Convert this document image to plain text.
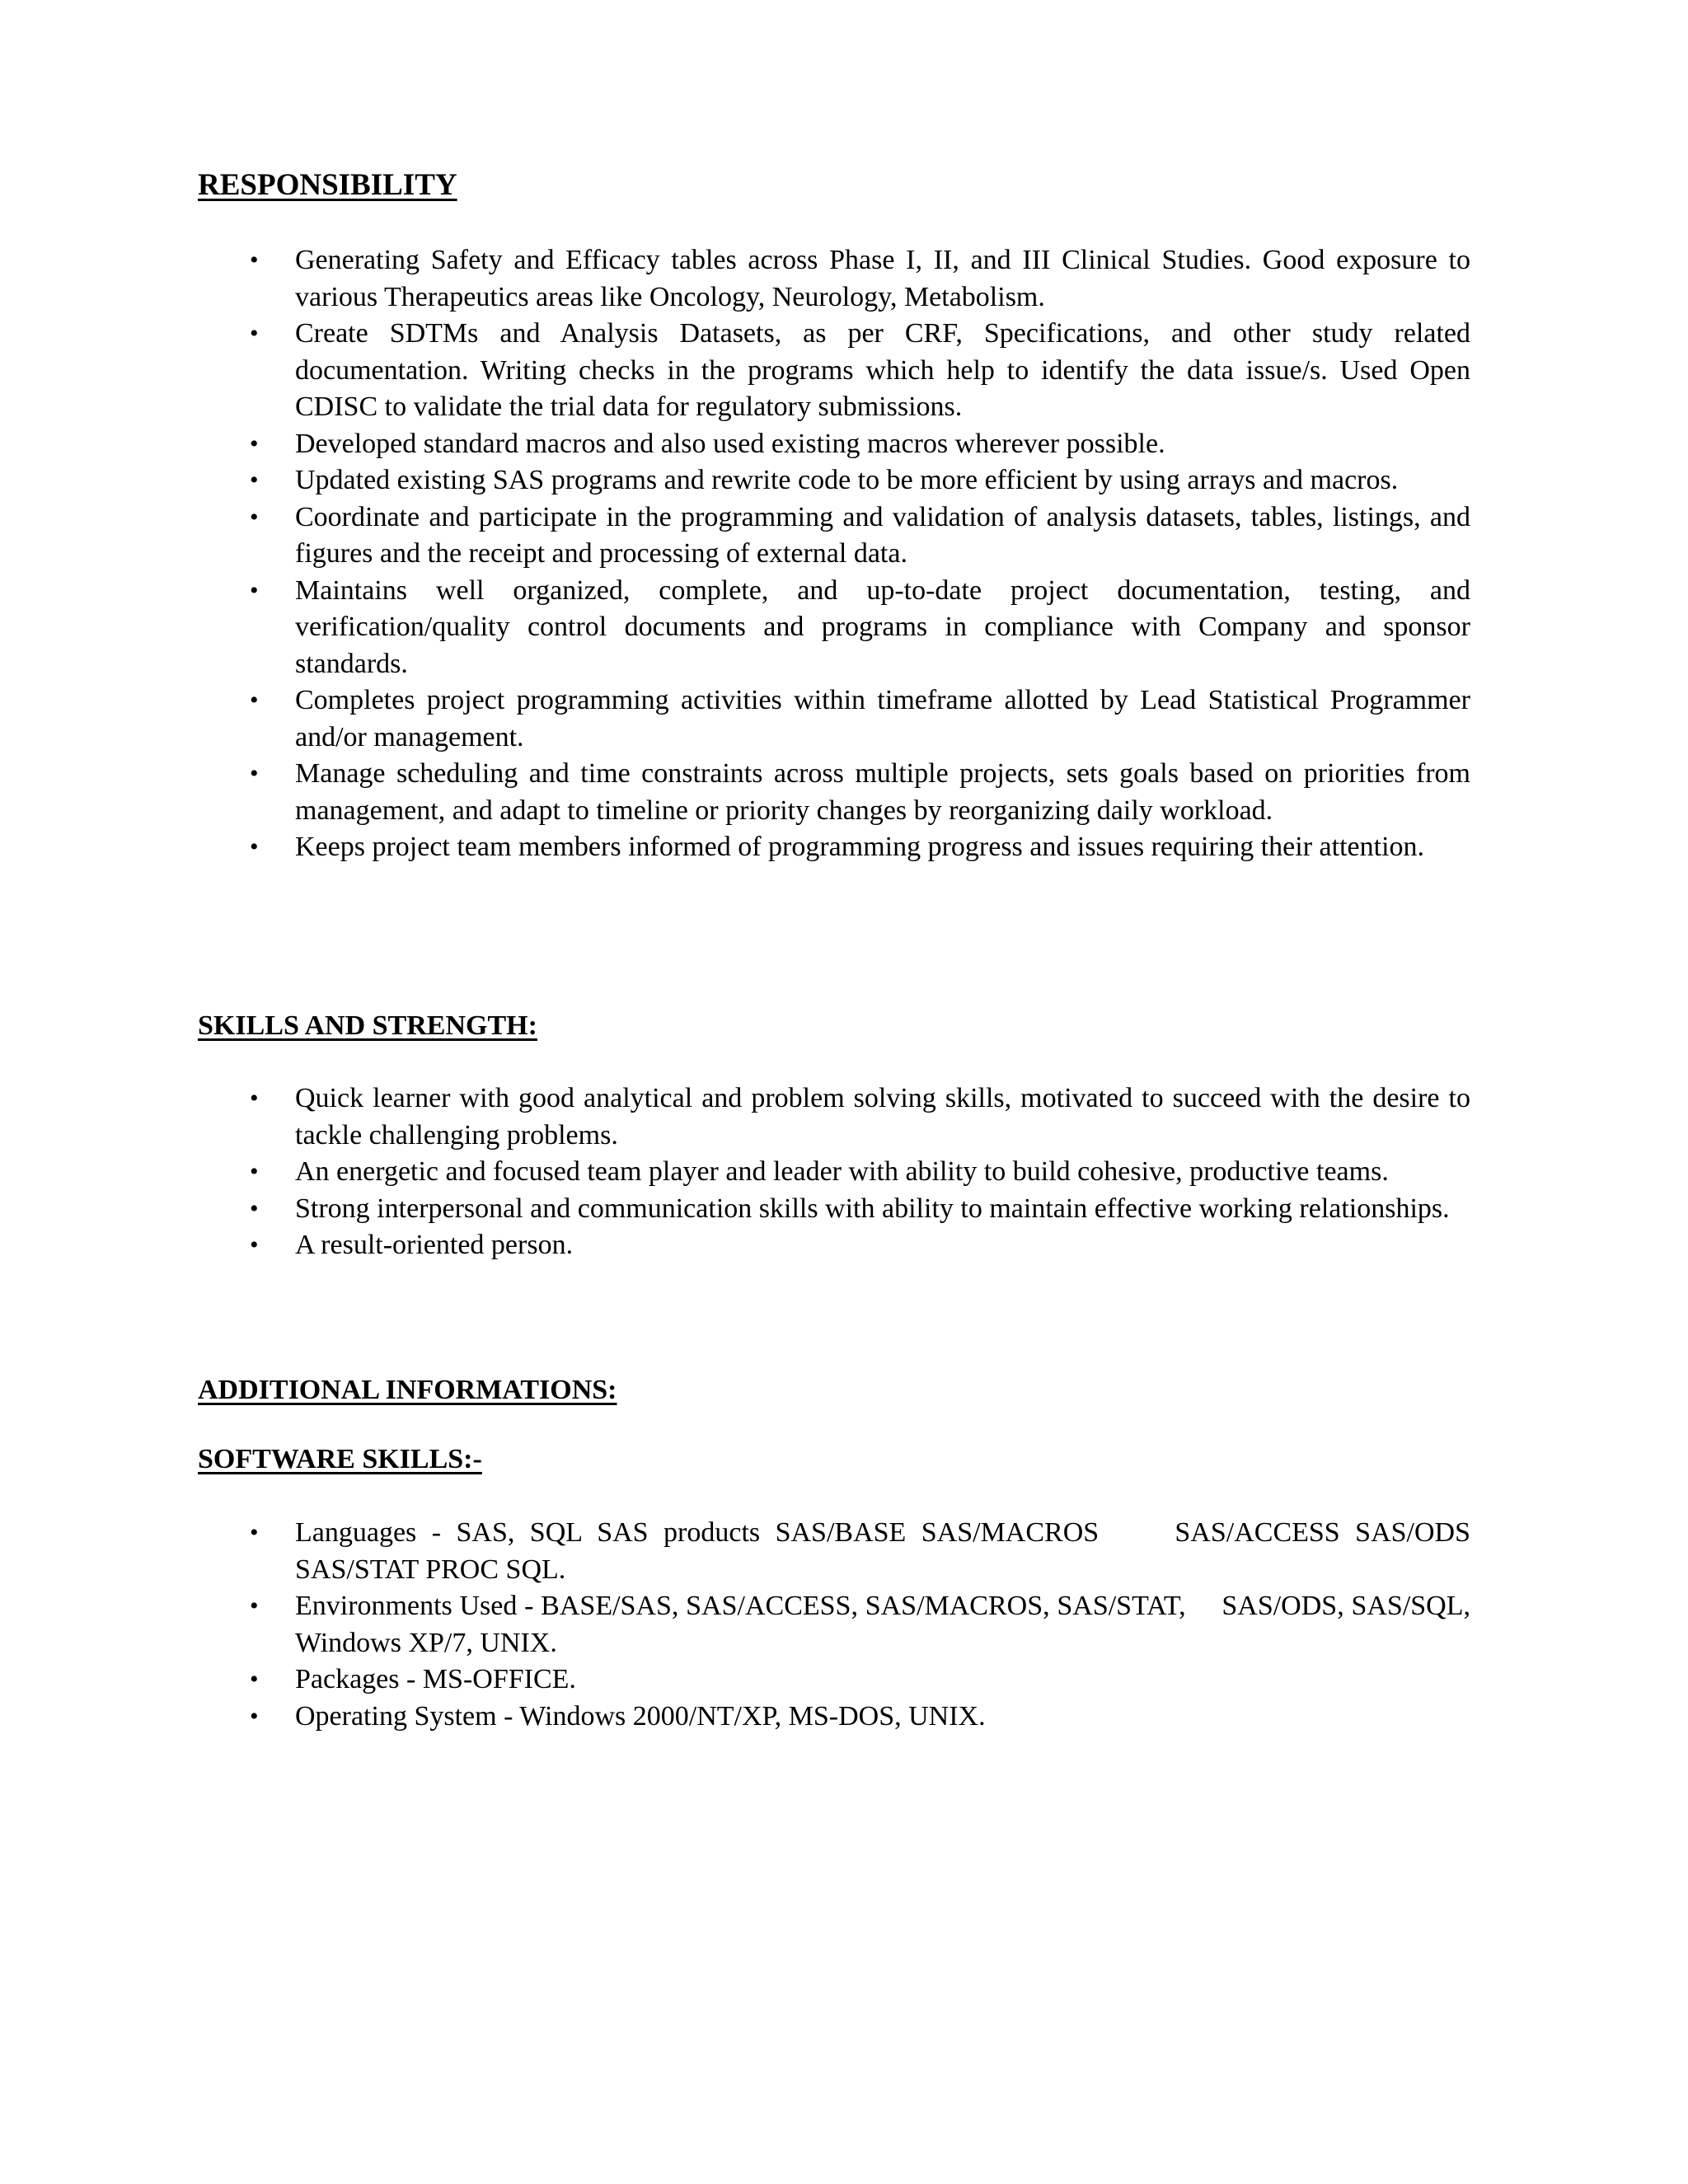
RESPONSIBILITY
• Generating Safety and Efficacy tables across Phase I, II, and III Clinical Studies. Good exposure to various Therapeutics areas like Oncology, Neurology, Metabolism.
• Create SDTMs and Analysis Datasets, as per CRF, Specifications, and other study related documentation. Writing checks in the programs which help to identify the data issue/s. Used Open CDISC to validate the trial data for regulatory submissions.
• Developed standard macros and also used existing macros wherever possible.
• Updated existing SAS programs and rewrite code to be more efficient by using arrays and macros.
• Coordinate and participate in the programming and validation of analysis datasets, tables, listings, and figures and the receipt and processing of external data.
• Maintains well organized, complete, and up-to-date project documentation, testing, and verification/quality control documents and programs in compliance with Company and sponsor standards.
• Completes project programming activities within timeframe allotted by Lead Statistical Programmer and/or management.
• Manage scheduling and time constraints across multiple projects, sets goals based on priorities from management, and adapt to timeline or priority changes by reorganizing daily workload.
• Keeps project team members informed of programming progress and issues requiring their attention.
SKILLS AND STRENGTH:
• Quick learner with good analytical and problem solving skills, motivated to succeed with the desire to tackle challenging problems.
• An energetic and focused team player and leader with ability to build cohesive, productive teams.
• Strong interpersonal and communication skills with ability to maintain effective working relationships.
• A result-oriented person.
ADDITIONAL INFORMATIONS:
SOFTWARE SKILLS:-
• Languages - SAS, SQL SAS products SAS/BASE SAS/MACROS     SAS/ACCESS SAS/ODS SAS/STAT PROC SQL.
• Environments Used - BASE/SAS, SAS/ACCESS, SAS/MACROS, SAS/STAT,     SAS/ODS, SAS/SQL, Windows XP/7, UNIX.
• Packages - MS-OFFICE.
• Operating System - Windows 2000/NT/XP, MS-DOS, UNIX.
